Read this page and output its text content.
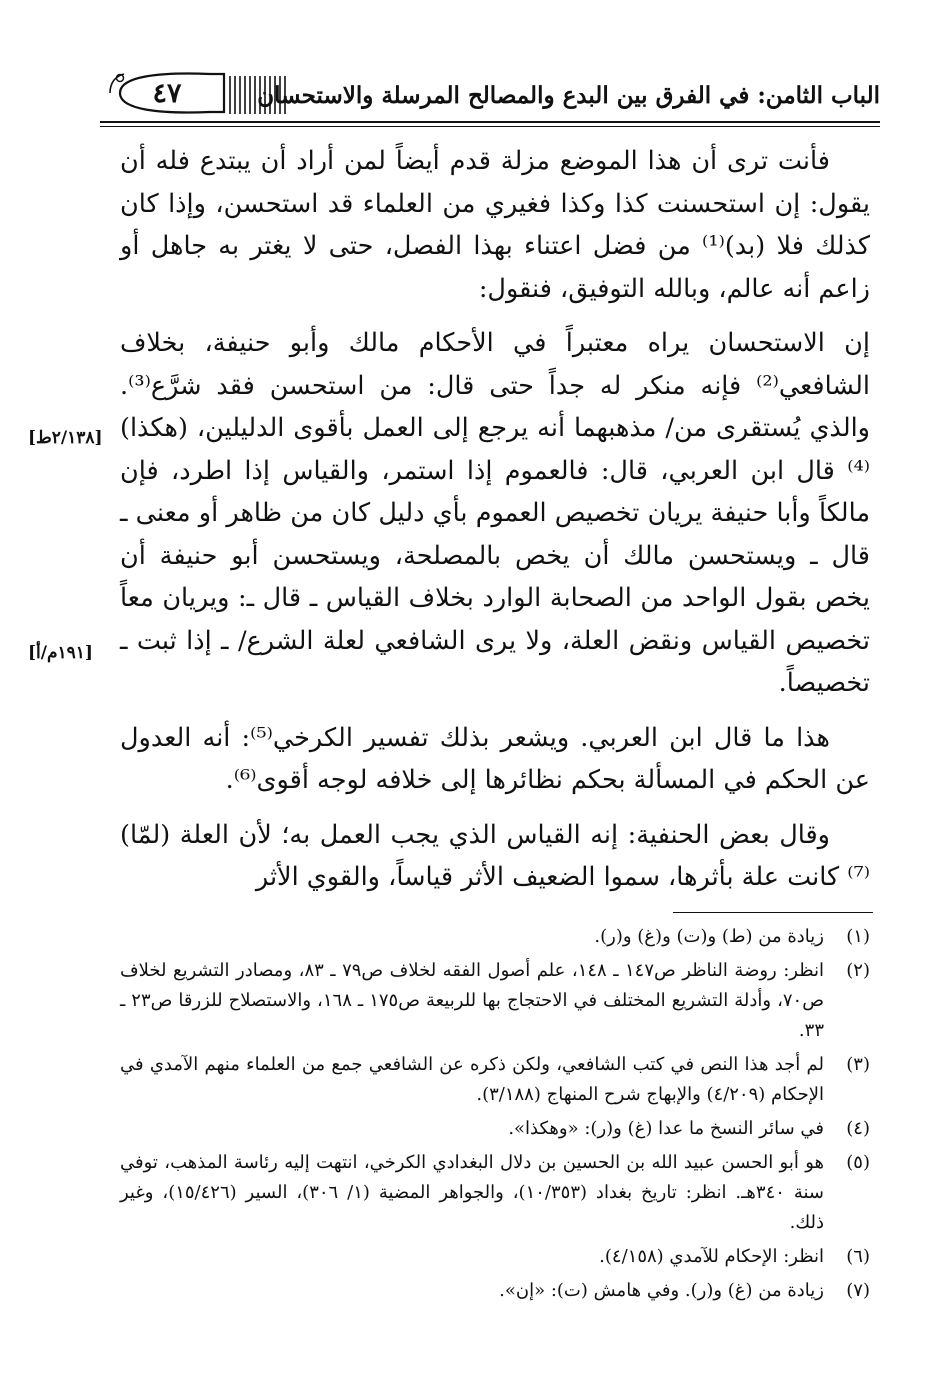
٤٧	الباب الثامن: في الفرق بين البدع والمصالح المرسلة والاستحسان
[٢/١٣٨ط]
[١٩١م/أ]

فأنت ترى أن هذا الموضع مزلة قدم أيضاً لمن أراد أن يبتدع فله أن يقول: إن استحسنت كذا وكذا فغيري من العلماء قد استحسن، وإذا كان كذلك فلا (بد)⁽¹⁾ من فضل اعتناء بهذا الفصل، حتى لا يغتر به جاهل أو زاعم أنه عالم، وبالله التوفيق، فنقول:

إن الاستحسان يراه معتبراً في الأحكام مالك وأبو حنيفة، بخلاف الشافعي⁽²⁾ فإنه منكر له جداً حتى قال: من استحسن فقد شرَّع⁽³⁾. والذي يُستقرى من/ مذهبهما أنه يرجع إلى العمل بأقوى الدليلين، (هكذا)⁽⁴⁾ قال ابن العربي، قال: فالعموم إذا استمر، والقياس إذا اطرد، فإن مالكاً وأبا حنيفة يريان تخصيص العموم بأي دليل كان من ظاهر أو معنى ـ قال ـ ويستحسن مالك أن يخص بالمصلحة، ويستحسن أبو حنيفة أن يخص بقول الواحد من الصحابة الوارد بخلاف القياس ـ قال ـ: ويريان معاً تخصيص القياس ونقض العلة، ولا يرى الشافعي لعلة الشرع/ ـ إذا ثبت ـ تخصيصاً.

هذا ما قال ابن العربي. ويشعر بذلك تفسير الكرخي⁽⁵⁾: أنه العدول عن الحكم في المسألة بحكم نظائرها إلى خلافه لوجه أقوى⁽⁶⁾.

وقال بعض الحنفية: إنه القياس الذي يجب العمل به؛ لأن العلة (لمّا)⁽⁷⁾ كانت علة بأثرها، سموا الضعيف الأثر قياساً، والقوي الأثر

(١)
زيادة من (ط) و(ت) و(غ) و(ر).
(٢)
انظر: روضة الناظر ص١٤٧ ـ ١٤٨، علم أصول الفقه لخلاف ص٧٩ ـ ٨٣، ومصادر التشريع لخلاف ص٧٠، وأدلة التشريع المختلف في الاحتجاج بها للربيعة ص١٧٥ ـ ١٦٨، والاستصلاح للزرقا ص٢٣ ـ ٣٣.
(٣)
لم أجد هذا النص في كتب الشافعي، ولكن ذكره عن الشافعي جمع من العلماء منهم الآمدي في الإحكام (٤/٢٠٩) والإبهاج شرح المنهاج (٣/١٨٨).
(٤)
في سائر النسخ ما عدا (غ) و(ر): «وهكذا».
(٥)
هو أبو الحسن عبيد الله بن الحسين بن دلال البغدادي الكرخي، انتهت إليه رئاسة المذهب، توفي سنة ٣٤٠هـ. انظر: تاريخ بغداد (١٠/٣٥٣)، والجواهر المضية (١/ ٣٠٦)، السير (١٥/٤٢٦)، وغير ذلك.
(٦)
انظر: الإحكام للآمدي (٤/١٥٨).
(٧)
زيادة من (غ) و(ر). وفي هامش (ت): «إن».
